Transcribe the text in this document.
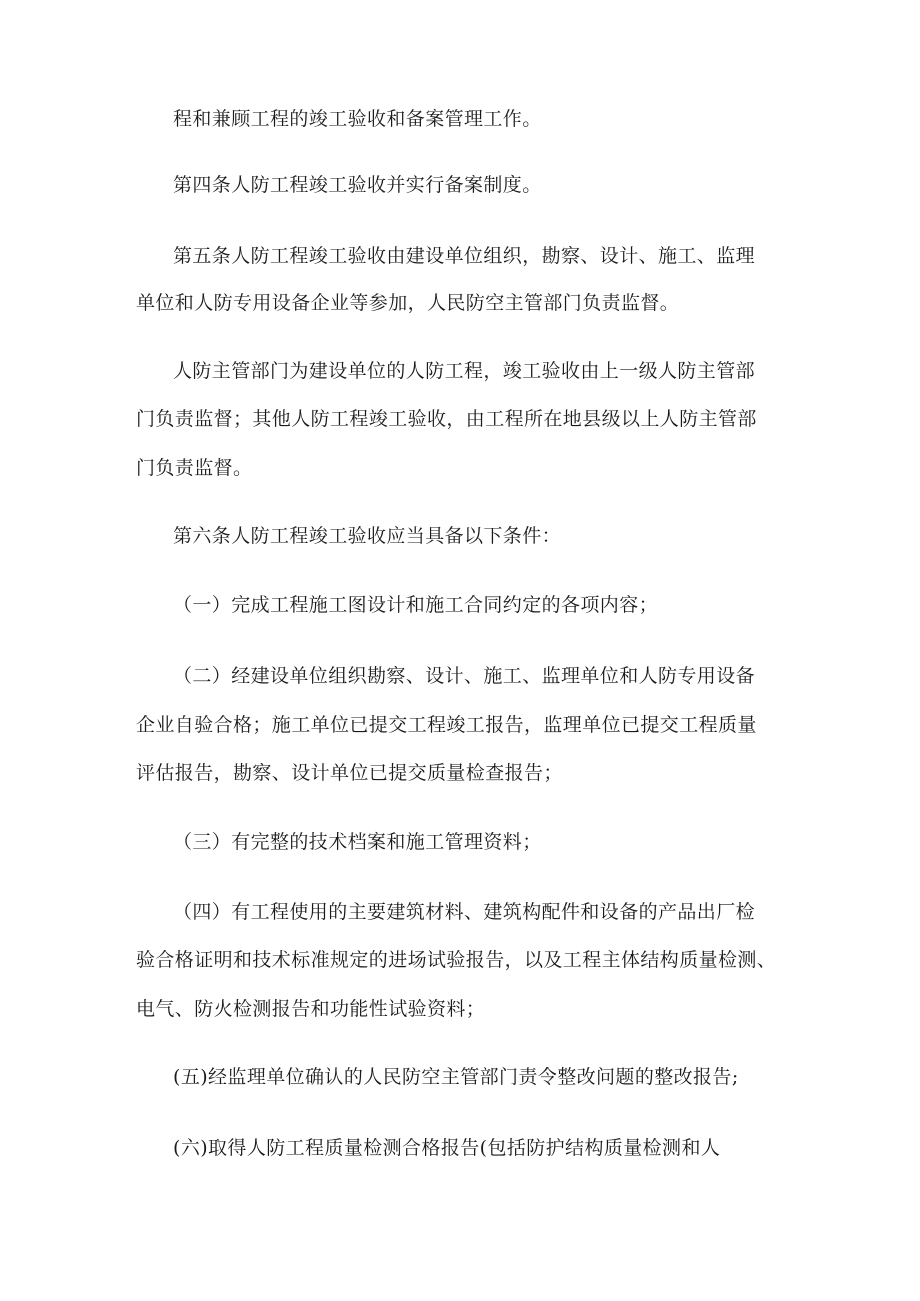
程和兼顾工程的竣工验收和备案管理工作。
第四条人防工程竣工验收并实行备案制度。
第五条人防工程竣工验收由建设单位组织，勘察、设计、施工、监理
单位和人防专用设备企业等参加，人民防空主管部门负责监督。
人防主管部门为建设单位的人防工程，竣工验收由上一级人防主管部
门负责监督；其他人防工程竣工验收，由工程所在地县级以上人防主管部
门负责监督。
第六条人防工程竣工验收应当具备以下条件：
（一）完成工程施工图设计和施工合同约定的各项内容；
（二）经建设单位组织勘察、设计、施工、监理单位和人防专用设备
企业自验合格；施工单位已提交工程竣工报告，监理单位已提交工程质量
评估报告，勘察、设计单位已提交质量检查报告；
（三）有完整的技术档案和施工管理资料；
（四）有工程使用的主要建筑材料、建筑构配件和设备的产品出厂检
验合格证明和技术标准规定的进场试验报告，以及工程主体结构质量检测、
电气、防火检测报告和功能性试验资料；
(五)经监理单位确认的人民防空主管部门责令整改问题的整改报告;
(六)取得人防工程质量检测合格报告(包括防护结构质量检测和人
